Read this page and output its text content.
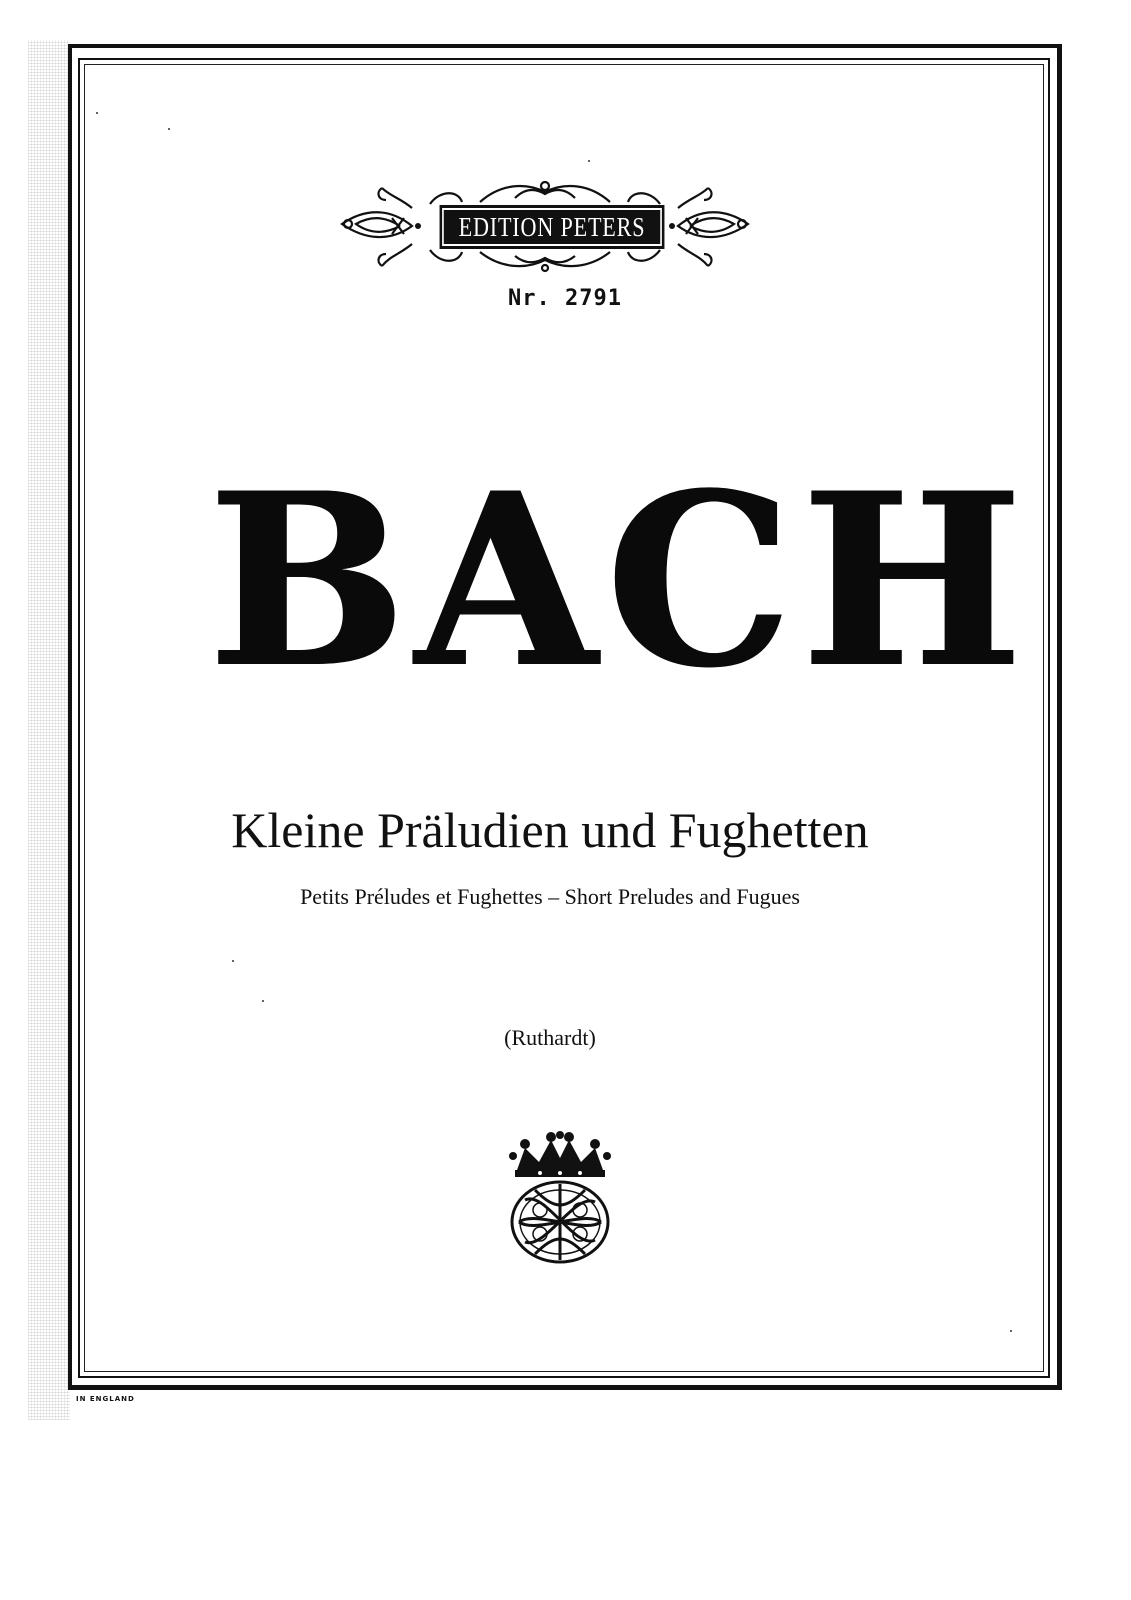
EDITION PETERS
Nr. 2791
BACH
Kleine Präludien und Fughetten
Petits Préludes et Fughettes – Short Preludes and Fugues
(Ruthardt)
IN ENGLAND
